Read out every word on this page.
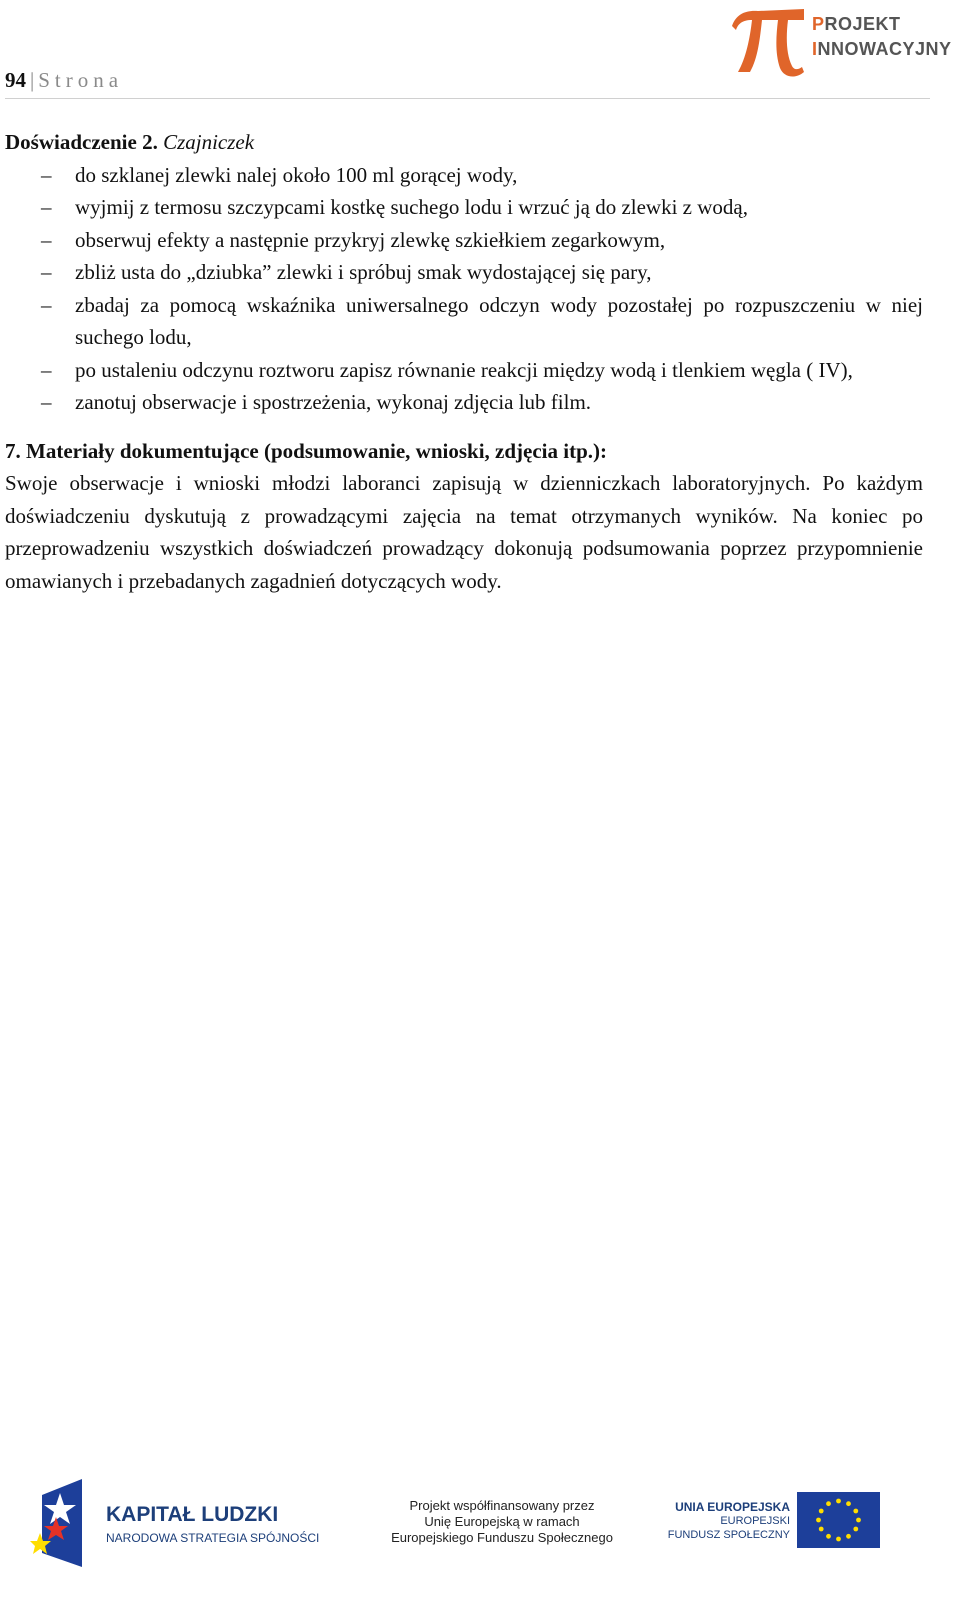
94 | Strona
PROJEKT
INNOWACYJNY

Doświadczenie 2. Czajniczek

– do szklanej zlewki nalej około 100 ml gorącej wody,
– wyjmij z termosu szczypcami kostkę suchego lodu i wrzuć ją do zlewki z wodą,
– obserwuj efekty a następnie przykryj zlewkę szkiełkiem zegarkowym,
– zbliż usta do „dziubka” zlewki i spróbuj smak wydostającej się pary,
– zbadaj za pomocą wskaźnika uniwersalnego odczyn wody pozostałej po rozpuszczeniu w niej suchego lodu,
– po ustaleniu odczynu roztworu zapisz równanie reakcji między wodą i tlenkiem węgla ( IV),
– zanotuj obserwacje i spostrzeżenia, wykonaj zdjęcia lub film.
7. Materiały dokumentujące (podsumowanie, wnioski, zdjęcia itp.):
Swoje obserwacje i wnioski młodzi laboranci zapisują w dzienniczkach laboratoryjnych. Po każdym doświadczeniu dyskutują z prowadzącymi zajęcia na temat otrzymanych wyników. Na koniec po przeprowadzeniu wszystkich doświadczeń prowadzący dokonują podsumowania poprzez przypomnienie omawianych i przebadanych zagadnień dotyczących wody.
KAPITAŁ LUDZKI
NARODOWA STRATEGIA SPÓJNOŚCI
Projekt współfinansowany przez
Unię Europejską w ramach
Europejskiego Funduszu Społecznego
UNIA EUROPEJSKA
EUROPEJSKI
FUNDUSZ SPOŁECZNY
